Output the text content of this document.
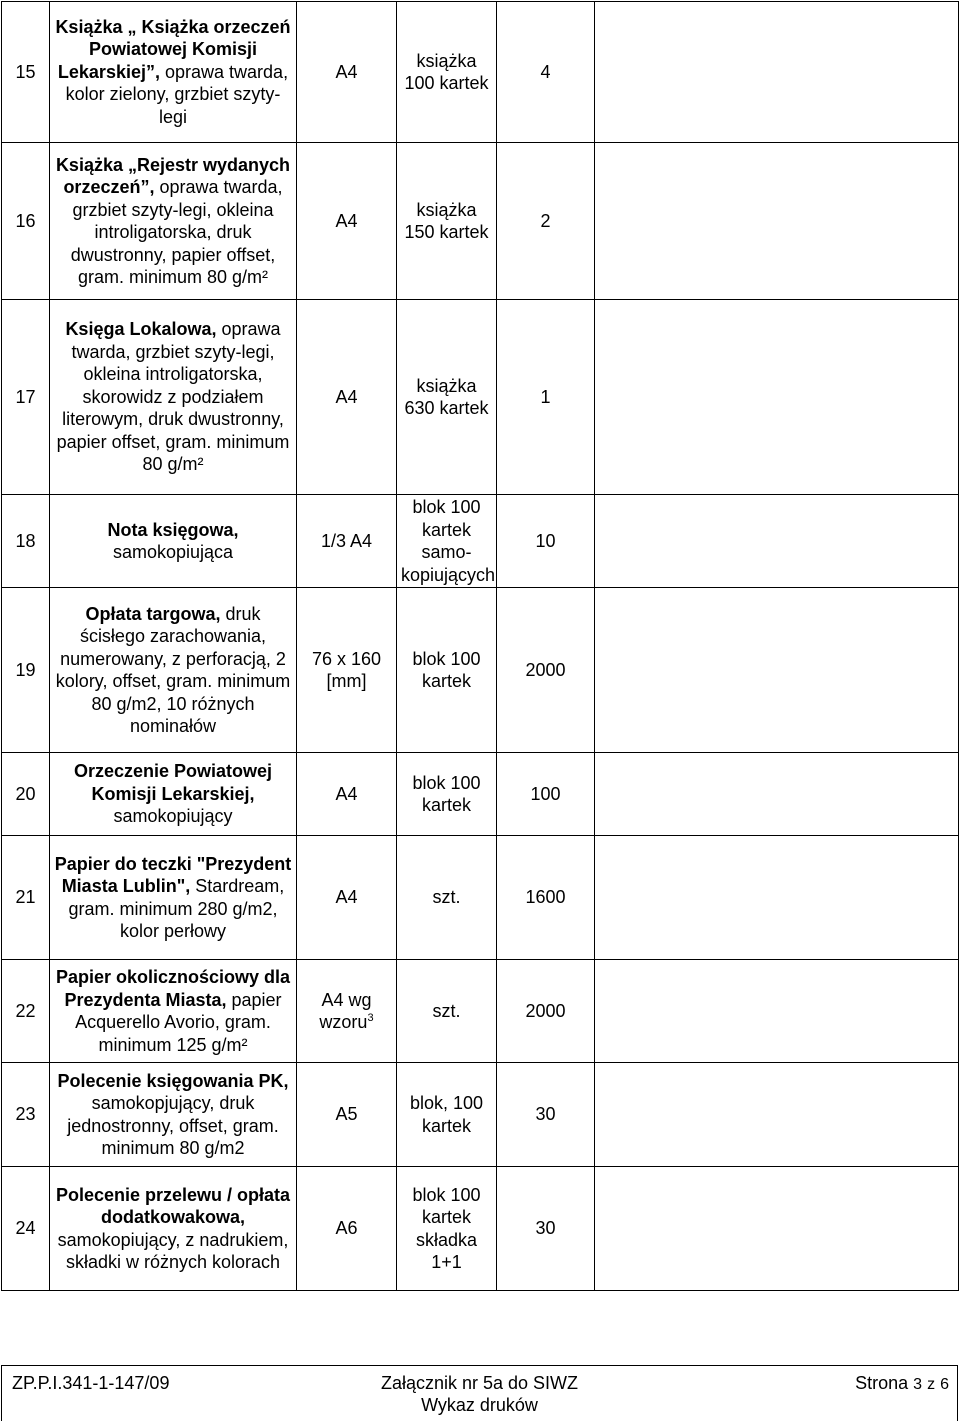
15	Książka „ Książka orzeczeń Powiatowej Komisji Lekarskiej”, oprawa twarda, kolor zielony, grzbiet szyty-legi	A4	książka 100 kartek	4	
16	Książka „Rejestr wydanych orzeczeń”, oprawa twarda, grzbiet szyty-legi, okleina introligatorska, druk dwustronny, papier offset, gram. minimum 80 g/m²	A4	książka 150 kartek	2	
17	Księga Lokalowa, oprawa twarda, grzbiet szyty-legi, okleina introligatorska, skorowidz z podziałem literowym, druk dwustronny, papier offset, gram. minimum 80 g/m²	A4	książka 630 kartek	1	
18	Nota księgowa, samokopiująca	1/3 A4	blok 100 kartek samo-kopiujących	10	
19	Opłata targowa, druk ścisłego zarachowania, numerowany, z perforacją, 2 kolory, offset, gram. minimum 80 g/m2, 10 różnych nominałów	76 x 160 [mm]	blok 100 kartek	2000	
20	Orzeczenie Powiatowej Komisji Lekarskiej, samokopiujący	A4	blok 100 kartek	100	
21	Papier do teczki "Prezydent Miasta Lublin", Stardream, gram. minimum 280 g/m2, kolor perłowy	A4	szt.	1600	
22	Papier okolicznościowy dla Prezydenta Miasta, papier Acquerello Avorio, gram. minimum 125 g/m²	A4 wg wzoru$^3$	szt.	2000	
23	Polecenie księgowania PK, samokopjujący, druk jednostronny, offset, gram. minimum 80 g/m2	A5	blok, 100 kartek	30	
24	Polecenie przelewu / opłata dodatkowakowa, samokopiujący, z nadrukiem, składki w różnych kolorach	A6	blok 100 kartek składka 1+1	30	
ZP.P.I.341-1-147/09	Załącznik nr 5a do SIWZ
Wykaz druków
Strona 3 z 6
